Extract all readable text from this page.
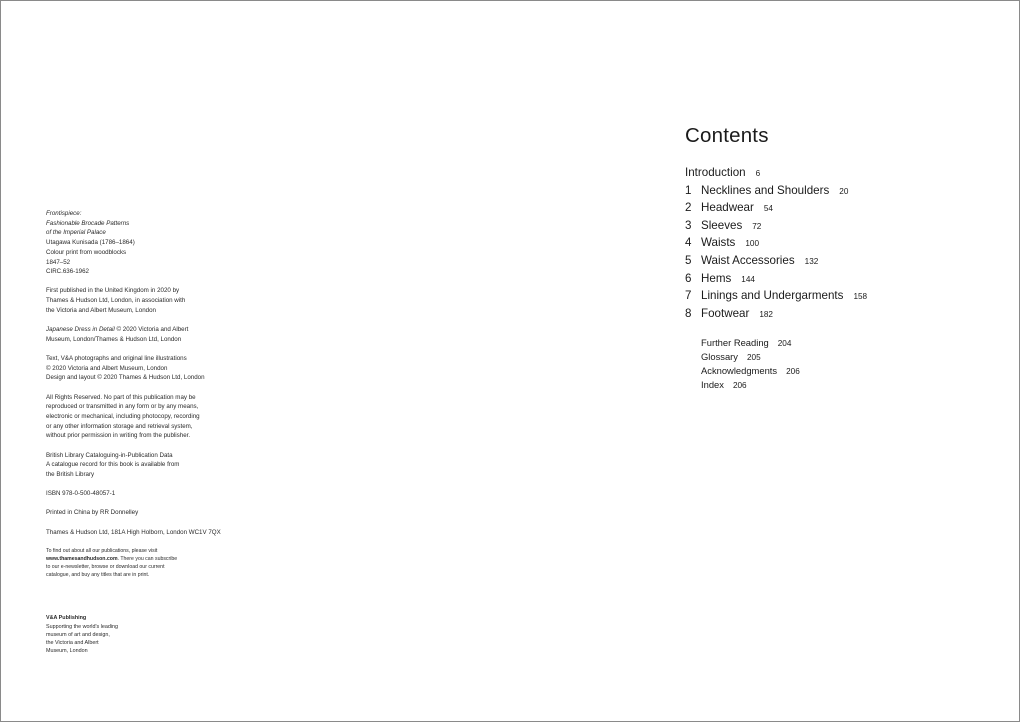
Frontispiece:
Fashionable Brocade Patterns
of the Imperial Palace
Utagawa Kunisada (1786–1864)
Colour print from woodblocks
1847–52
CIRC.636-1962

First published in the United Kingdom in 2020 by
Thames & Hudson Ltd, London, in association with
the Victoria and Albert Museum, London

Japanese Dress in Detail © 2020 Victoria and Albert
Museum, London/Thames & Hudson Ltd, London

Text, V&A photographs and original line illustrations
© 2020 Victoria and Albert Museum, London
Design and layout © 2020 Thames & Hudson Ltd, London

All Rights Reserved. No part of this publication may be
reproduced or transmitted in any form or by any means,
electronic or mechanical, including photocopy, recording
or any other information storage and retrieval system,
without prior permission in writing from the publisher.

British Library Cataloguing-in-Publication Data
A catalogue record for this book is available from
the British Library

ISBN 978-0-500-48057-1

Printed in China by RR Donnelley

Thames & Hudson Ltd, 181A High Holborn, London WC1V 7QX

To find out about all our publications, please visit
www.thamesandhudson.com. There you can subscribe
to our e-newsletter, browse or download our current
catalogue, and buy any titles that are in print.

V&A Publishing
Supporting the world's leading
museum of art and design,
the Victoria and Albert
Museum, London
Contents
Introduction 6
1 Necklines and Shoulders 20
2 Headwear 54
3 Sleeves 72
4 Waists 100
5 Waist Accessories 132
6 Hems 144
7 Linings and Undergarments 158
8 Footwear 182
Further Reading 204
Glossary 205
Acknowledgments 206
Index 206
